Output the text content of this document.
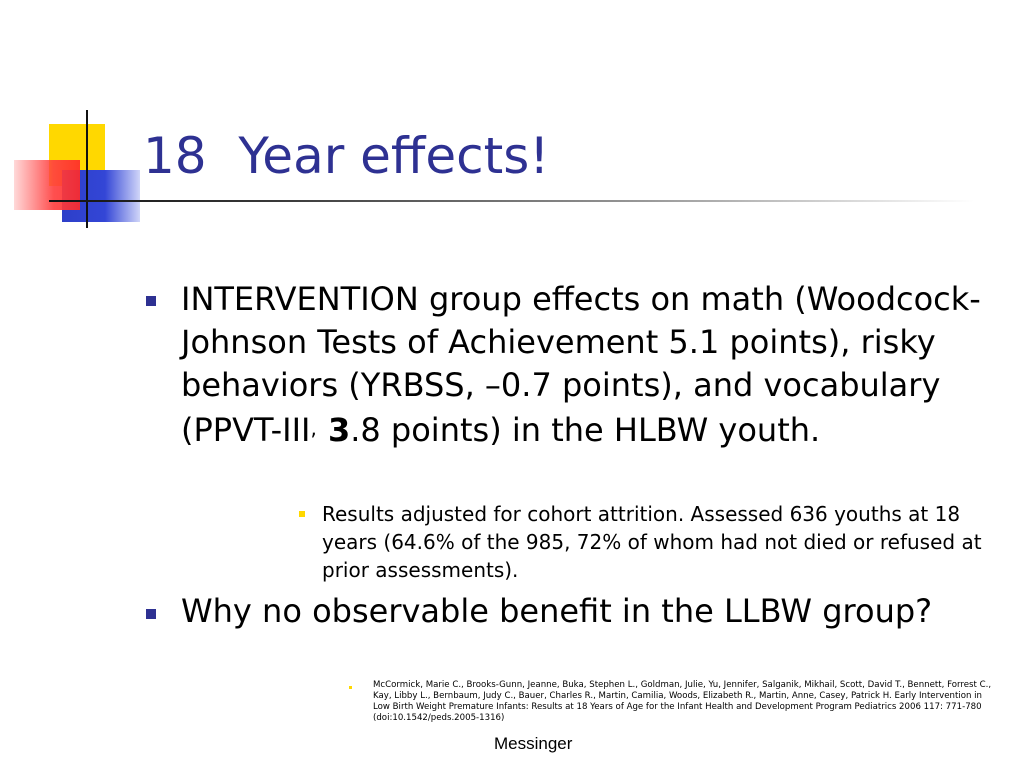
18  Year effects!
INTERVENTION group effects on math (Woodcock-Johnson Tests of Achievement 5.1 points), risky behaviors (YRBSS, –0.7 points), and vocabulary (PPVT-III, 3.8 points) in the HLBW youth.
Results adjusted for cohort attrition. Assessed 636 youths at 18 years (64.6% of the 985, 72% of whom had not died or refused at prior assessments).
Why no observable benefit in the LLBW group?
McCormick, Marie C., Brooks-Gunn, Jeanne, Buka, Stephen L., Goldman, Julie, Yu, Jennifer, Salganik, Mikhail, Scott, David T., Bennett, Forrest C., Kay, Libby L., Bernbaum, Judy C., Bauer, Charles R., Martin, Camilia, Woods, Elizabeth R., Martin, Anne, Casey, Patrick H. Early Intervention in Low Birth Weight Premature Infants: Results at 18 Years of Age for the Infant Health and Development Program Pediatrics 2006 117: 771-780 (doi:10.1542/peds.2005-1316)
Messinger
